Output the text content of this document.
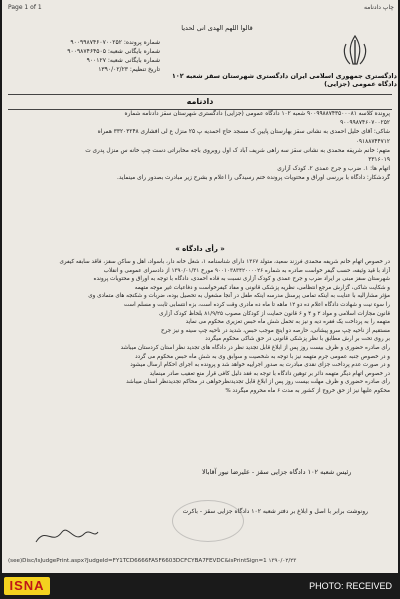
چاپ دادنامه
Page 1 of 1
قالوا اللهم الهدی انی لحدیا
شماره پرونده: ۹۰۰۹۹۸۷۴۶۰۷۰۰۲۵۲
شماره بایگانی شعبه: ۹۰۰۹۸۷۴۶۴۵۰۵
شماره بایگانی شعبه: ۹۰۰۱۲۷
تاریخ تنظیم: ۱۳۹۰/۰۲/۲۳
دادگستری جمهوری اسلامی ایران دادگستری شهرستان سقز شعبه ۱۰۲ دادگاه عمومی (جزایی)
دادنامه
پرونده کلاسه ۹۰۰۹۹۸۸۷۴۳۵۰۰۰۸۱ شعبه ۱۰۲ دادگاه عمومی (جزایی) دادگستری شهرستان سقز دادنامه شماره
۹۰۰۹۹۸۷۴۶۰۷۰۰۲۵۲
شاکی: آقای خلیل احمدی به نشانی سقز بهارستان پایین ک مسجد حاج احمدیه پ ۲۵ منزل ع لی افشاری ۳۳۲۰۳۲۴۸ همراه
۰۹۱۸۸۷۴۴۷۱۲
متهم: خانم شریفه محمدی به نشانی سقز سه راهی شریف آباد ک اول روبروی باجه مخابراتی دست چپ خانه س منزل پدری ت
۳۳۱۶۰۱۹
اتهام ها: ۱. ضرب و جرح عمدی ۲. کودک آزاری
گردشکار: دادگاه با بررسی اوراق و محتویات پرونده ختم رسیدگی را اعلام و بشرح زیر مبادرت بصدور رای مینماید.
« رأی دادگاه »

در خصوص اتهام خانم شریفه محمدی فرزند سعید، متولد ۱۳۶۷ دارای شناسنامه ۱، شغل خانه دار، باسواد، اهل و ساکن سقز، فاقد سابقه کیفری

آزاد با قید وثیقه، حسب گیفر خواست صادره به شماره ۹۰۰۱۰۳۸۳۴۲۰۰۰۰۲۶ مورخ ۱۳۹۰/۰۱/۳۱ از دادسرای عمومی و انقلاب

شهرستان سقز مبنی بر ایراد ضرب و جرح عمدی و کودک آزاری نسبت به فاده احمدی، دادگاه با توجه به اوراق و محتویات پرونده

و شکایت شاکی، گزارش مرجع انتظامی، نظریه پزشکی قانونی و مفاد کیفرخواست و دفاعیات غیر موجه متهمه

مؤثر مشارالیه با عنایت به اینکه تمامی پرسنل مدرسه اینکه طفل در آنجا مشغول به تحصیل بوده، ضربات و شکنجه های متمادی وی

را سوء نیت و شهادت دادگاه اعلام ده دو ۱۲ ماهه تا ماه ده مادری وقت کرده است، بزه انتسابی ثابت و مسلم است

قانون مجازات اسلامی و مواد ۲ و ۴ و ۶ قانون حمایت از کودکان مصوب ۸۱/۹/۲۵ بلحاظ کودک آزاری

متهمه را به پرداخت یک فقره دیه و نیز به تحمل شش ماه حبس تعزیری محکوم می نماید

مستقیم از ناحیه چپ سرو پیشانی، حارصه دو اینچ موجب حبس، شدید در ناحیه چپ سینه و نیز جرح

بر روی تحت بر ارش مطابق با نظر پزشکی قانونی در حق شاکی محکوم میگردد

رأی صادره حضوری و ظرف بیست روز پس از ابلاغ قابل تجدید نظر در دادگاه های تجدید نظر استان کردستان میباشد

و در خصوص جنبه عمومی جرم متهمه نیز با توجه به شخصیت و سوابق وی به شش ماه حبس محکوم می گردد

و در صورت عدم پرداخت جزای نقدی مبادرت به صدور اجراییه خواهد شد و پرونده به اجرای احکام ارسال میشود

در خصوص اتهام دیگر متهمه دائر بر توهین دادگاه با توجه به فقد دلیل کافی قرار منع تعقیب صادر مینماید

رأی صادره حضوری و ظرف مهلت بیست روز پس از ابلاغ قابل تجدیدنظرخواهی در محاکم تجدیدنظر استان میباشد

محکوم علیها نیز از حق خروج از کشور به مدت ۶ ماه محروم میگردد %

رئیس شعبه ۱۰۲ دادگاه جزایی سقز - علیرضا نیور آقابالا
رونوشت برابر با اصل و ابلاغ بر دفتر شعبه ۱۰۲ دادگاه جزایی سقز - باکرت
(see)Disc/IsJudgePrint.aspx?JudgeId=FY1TCD6666FA5F6603DCFCYBA7FEVDC&isPrintSign=1 ۱۳۹۰/۰۲/۲۳
ISNA	PHOTO: RECEIVED
